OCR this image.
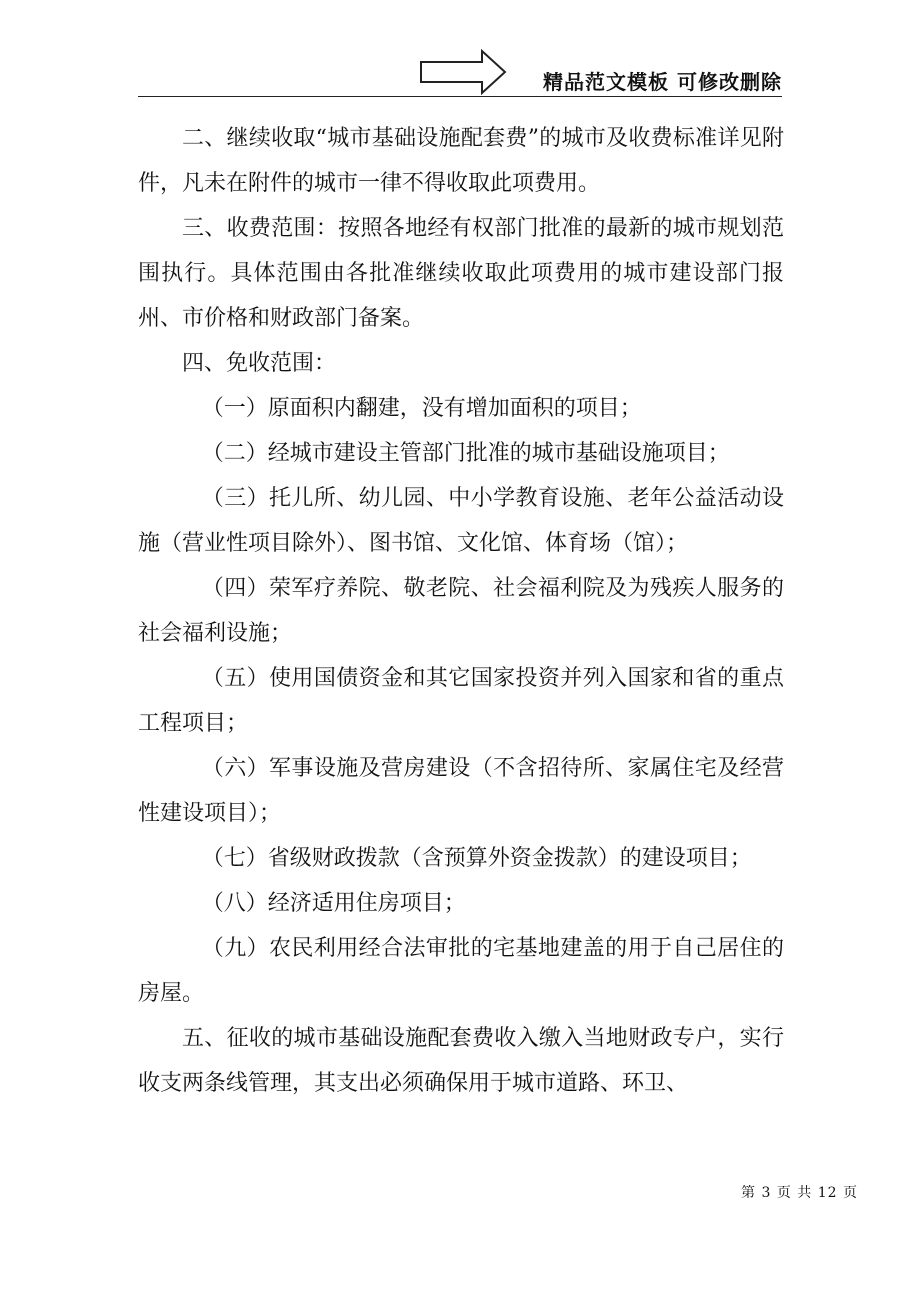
精品范文模板 可修改删除

二、继续收取“城市基础设施配套费”的城市及收费标准详见附件，凡未在附件的城市一律不得收取此项费用。

三、收费范围：按照各地经有权部门批准的最新的城市规划范围执行。具体范围由各批准继续收取此项费用的城市建设部门报州、市价格和财政部门备案。

四、免收范围：

（一）原面积内翻建，没有增加面积的项目；

（二）经城市建设主管部门批准的城市基础设施项目；

（三）托儿所、幼儿园、中小学教育设施、老年公益活动设施（营业性项目除外）、图书馆、文化馆、体育场（馆）；

（四）荣军疗养院、敬老院、社会福利院及为残疾人服务的社会福利设施；

（五）使用国债资金和其它国家投资并列入国家和省的重点工程项目；

（六）军事设施及营房建设（不含招待所、家属住宅及经营性建设项目）；

（七）省级财政拨款（含预算外资金拨款）的建设项目；

（八）经济适用住房项目；

（九）农民利用经合法审批的宅基地建盖的用于自己居住的房屋。

五、征收的城市基础设施配套费收入缴入当地财政专户，实行收支两条线管理，其支出必须确保用于城市道路、环卫、

第 3 页 共 12 页
